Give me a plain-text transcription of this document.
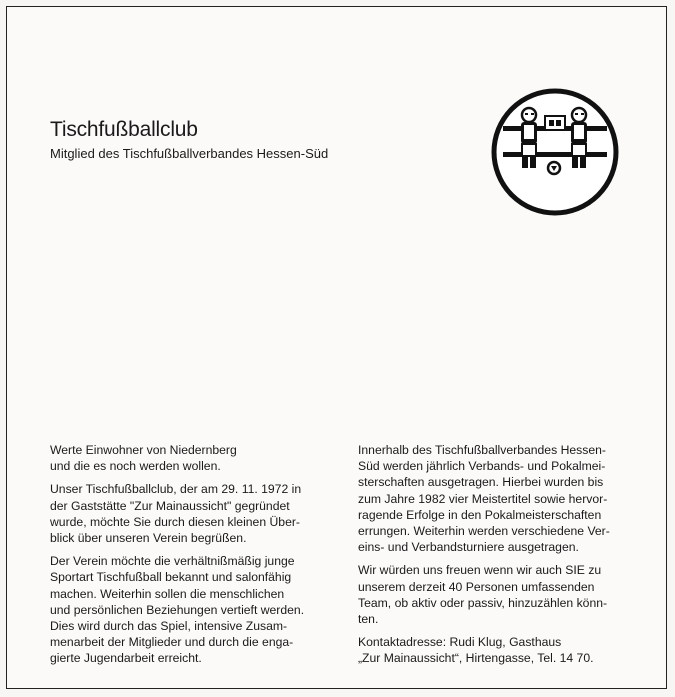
Tischfußballclub
Mitglied des Tischfußballverbandes Hessen-Süd

Werte Einwohner von Niedernberg
und die es noch werden wollen.

Unser Tischfußballclub, der am 29. 11. 1972 in
der Gaststätte "Zur Mainaussicht" gegründet
wurde, möchte Sie durch diesen kleinen Über-
blick über unseren Verein begrüßen.

Der Verein möchte die verhältnißmäßig junge
Sportart Tischfußball bekannt und salonfähig
machen. Weiterhin sollen die menschlichen
und persönlichen Beziehungen vertieft werden.
Dies wird durch das Spiel, intensive Zusam-
menarbeit der Mitglieder und durch die enga-
gierte Jugendarbeit erreicht.

Innerhalb des Tischfußballverbandes Hessen-
Süd werden jährlich Verbands- und Pokalmei-
sterschaften ausgetragen. Hierbei wurden bis
zum Jahre 1982 vier Meistertitel sowie hervor-
ragende Erfolge in den Pokalmeisterschaften
errungen. Weiterhin werden verschiedene Ver-
eins- und Verbandsturniere ausgetragen.

Wir würden uns freuen wenn wir auch SIE zu
unserem derzeit 40 Personen umfassenden
Team, ob aktiv oder passiv, hinzuzählen könn-
ten.

Kontaktadresse: Rudi Klug, Gasthaus
„Zur Mainaussicht“, Hirtengasse, Tel. 14 70.
